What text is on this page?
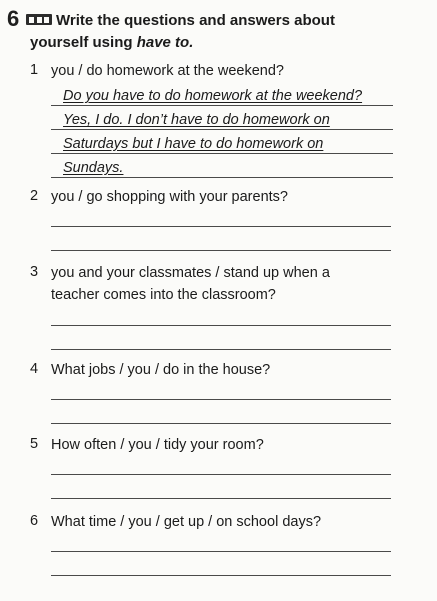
6 Write the questions and answers about
yourself using have to.
1 you / do homework at the weekend?
Do you have to do homework at the weekend?
Yes, I do. I don’t have to do homework on
Saturdays but I have to do homework on
Sundays.
2 you / go shopping with your parents?
3 you and your classmates / stand up when a
teacher comes into the classroom?
4 What jobs / you / do in the house?
5 How often / you / tidy your room?
6 What time / you / get up / on school days?
